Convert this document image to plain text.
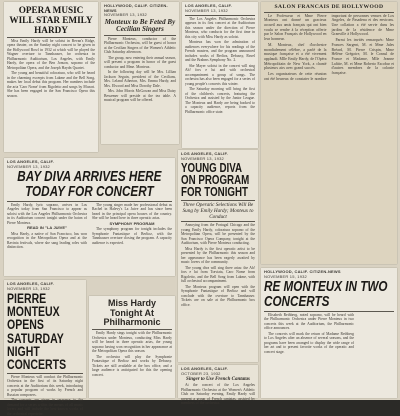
OPERA MUSIC WILL STAR EMILY HARDY

Miss Emily Hardy will be soloist in Bevan's Ridge, opera theater, on the Sunday night concert to be given in the Hollywood Bowl in 1932 at which will be played the Wagner overture to Tannhauser, for orchestra in Philharmonic Auditorium, Los Angeles, with Emily Hardy, the opera of the Ben Jonson, soprano of the Metropolitan Opera, and the Joseph Haydn Quartet.

The young and beautiful coloratura, who will be heard in the charming excerpts from Lakme and the Bell Song, makes her local debut this program. Her numbers include the aria 'Caro Nome' from Rigoletto and songs by Mozart. She has been engaged in the San Francisco Opera this season.

HOLLYWOOD, CALIF. CITIZEN-NEWS
NOVEMBER 13, 1932
Monteux to Be Feted By Cecilian Singers

Pierre Monteux, conductor of the Philharmonic Orchestra, will be guest of honor at the Cecilian Singers of the Women's Athletic Club Saturday afternoon.

The group, now entering their annual season, will present a program in honor of the guest conductor and Mme. Monteux.

In the following day will be Mrs. Lillian Jackson Seguin, president of the Cecilians, Mrs. Leland Atherton, Mrs. Emma Hardy, and Mrs. Elwood and Miss Dorothy Dale.

Mrs. John Morris McGowan and Miss Daisy Bessemer will preside at the tea table. A musical program will be offered.

LOS ANGELES, CALIF.
NOVEMBER 13, 1932

The Los Angeles Philharmonic Orchestra appears in its first concert at the Auditorium this season under the direction of Pierre Monteux, who conducts for the first time in this city with Miss Hardy as soloist.

Monteux has won the admiration of audiences everywhere for his readings of the French masters, and the program announced includes works of Berlioz, Debussy, Ravel and the Brahms Symphony No. 2.

She Mayer soloist in the concert will sing Ah! fors e lui and with orchestral accompaniment a group of songs. The orchestra has also been engaged for a series of young people's concerts this winter.

The Saturday morning will bring the first of the children's concerts, featuring the Orchestra and assisted by the Junior League. The Monteux and Hardy are being booked to a capacity audience, reports from the Philharmonic office state.

SALON FRANCAIS DE HOLLYWOOD

Le Professeur et Mme Pierre Monteux ont donné un gracieux accueil aux amis français qui ont bien voulu se rendre à la réception offerte par le Salon Français de Hollywood en leur honneur.

M. Monteux, chef d'orchestre mondialement célèbre, a parlé de la musique française et a été vivement applaudi. Mlle Emily Hardy, de l'Opéra Métropolitain de New York, a chanté plusieurs airs avec grand succès.

Les organisateurs de cette réunion ont été heureux de constater le nombre important de personnes venues de Los Angeles, de Pasadena et des environs. Une collation a été servie dans les jardins de la résidence de Mme Granville à Hollywood.

Parmi les invités remarqués: Mme Frances Sargent, M. et Mme Jules Bréard, M. Pierre Crispin, Mme Hélène Grégoire, M. le Consul de France et Madame, Mlle Jeanne Lafitte, M. et Mme Roberto Escobar et d'autres membres de la colonie française.

LOS ANGELES, CALIF.
NOVEMBER 13, 1932
YOUNG DIVA ON PROGRAM FOR TONIGHT
Three Operatic Selections Will Be Sung by Emily Hardy; Monteux to Conduct

Annoying from the Portugal Chicago and the young Emily Hardy, coloratura soprano of the Metropolitan Opera, will be presented by the San Francisco Opera Company, tonight at the Auditorium, with Pierre Monteux conducting.

Miss Hardy is the first operatic artist to be presented by the Philharmonic this season and her appearance has been eagerly awaited by music lovers of the community.

The young diva will sing three arias: the Ah! fors e lui from Traviata, Caro Nome from Rigoletto, and the Bell Song from Lakme, with full orchestral accompaniment.

The Monteux program will open with the Symphonie Fantastique of Berlioz and will conclude with the overture to Tannhauser. Tickets are on sale at the Philharmonic box office.

LOS ANGELES, CALIF.
NOVEMBER 13, 1932
BAY DIVA ARRIVES HERE TODAY FOR CONCERT

Emily Hardy, lyric soprano, arrives in Los Angeles today from San Francisco to appear as soloist with the Los Angeles Philharmonic Orchestra in its Auditorium concert tonight under the baton of Pierre Monteux.

READ IN "LA JUIVE"

Miss Hardy, a native of San Francisco, has won recognition in the Metropolitan Opera and at the Ravinia festivals, where she sang leading roles with distinction.

The young singer made her professional debut as Rachel in Halevy's La Juive and has since been heard in the principal opera houses of the country. She will be heard here in three operatic arias.

SYMPHONY PROGRAM

The symphony program for tonight includes the Symphonie Fantastique of Berlioz, with the Tannhauser overture closing the program. A capacity audience is expected.

LOS ANGELES, CALIF.
NOVEMBER 13, 1932
PIERRE MONTEUX OPENS SATURDAY NIGHT CONCERTS

Pierre Monteux will conduct the Philharmonic Orchestra in the first of its Saturday night concerts at the Auditorium this week, introducing a popular program of works by French and Russian composers.

The concerts are given in response to the demand for a series within the means of all music lovers and will include the best-known works of the orchestral repertoire.

Miss Hardy Tonight At Philharmonic

Emily Hardy sings tonight with the Philharmonic Orchestra under Monteux, conducting Miss Hardy will be heard in three operatic arias, the young soprano having won recognition in her appearance at the Metropolitan Opera this season.

The orchestra will play the Symphonie Fantastique of Berlioz and works by Debussy. Tickets are still available at the box office, and a large audience is anticipated for this the opening concert.

LOS ANGELES, CALIF.
OCTOBER 23, 1932
Singer to Use French Cantatas

At the concert of the Los Angeles Philharmonic Orchestra at the Women's Athletic Club on Saturday evening, Emily Hardy will present a group of French cantatas, assisted by members of the orchestra.

HOLLYWOOD, CALIF. CITIZEN-NEWS
NOVEMBER 15, 1932
RE MONTEUX IN TWO CONCERTS

Elisabeth Rethberg, noted soprano, will be heard with the Philharmonic Orchestra under Pierre Monteux in two concerts this week at the Auditorium, the Philharmonic office announces.

The concerts will mark the return of Madame Rethberg to Los Angeles after an absence of several seasons, and the programs have been arranged to display the wide range of her art and to present favorite works of the operatic and concert stage.
